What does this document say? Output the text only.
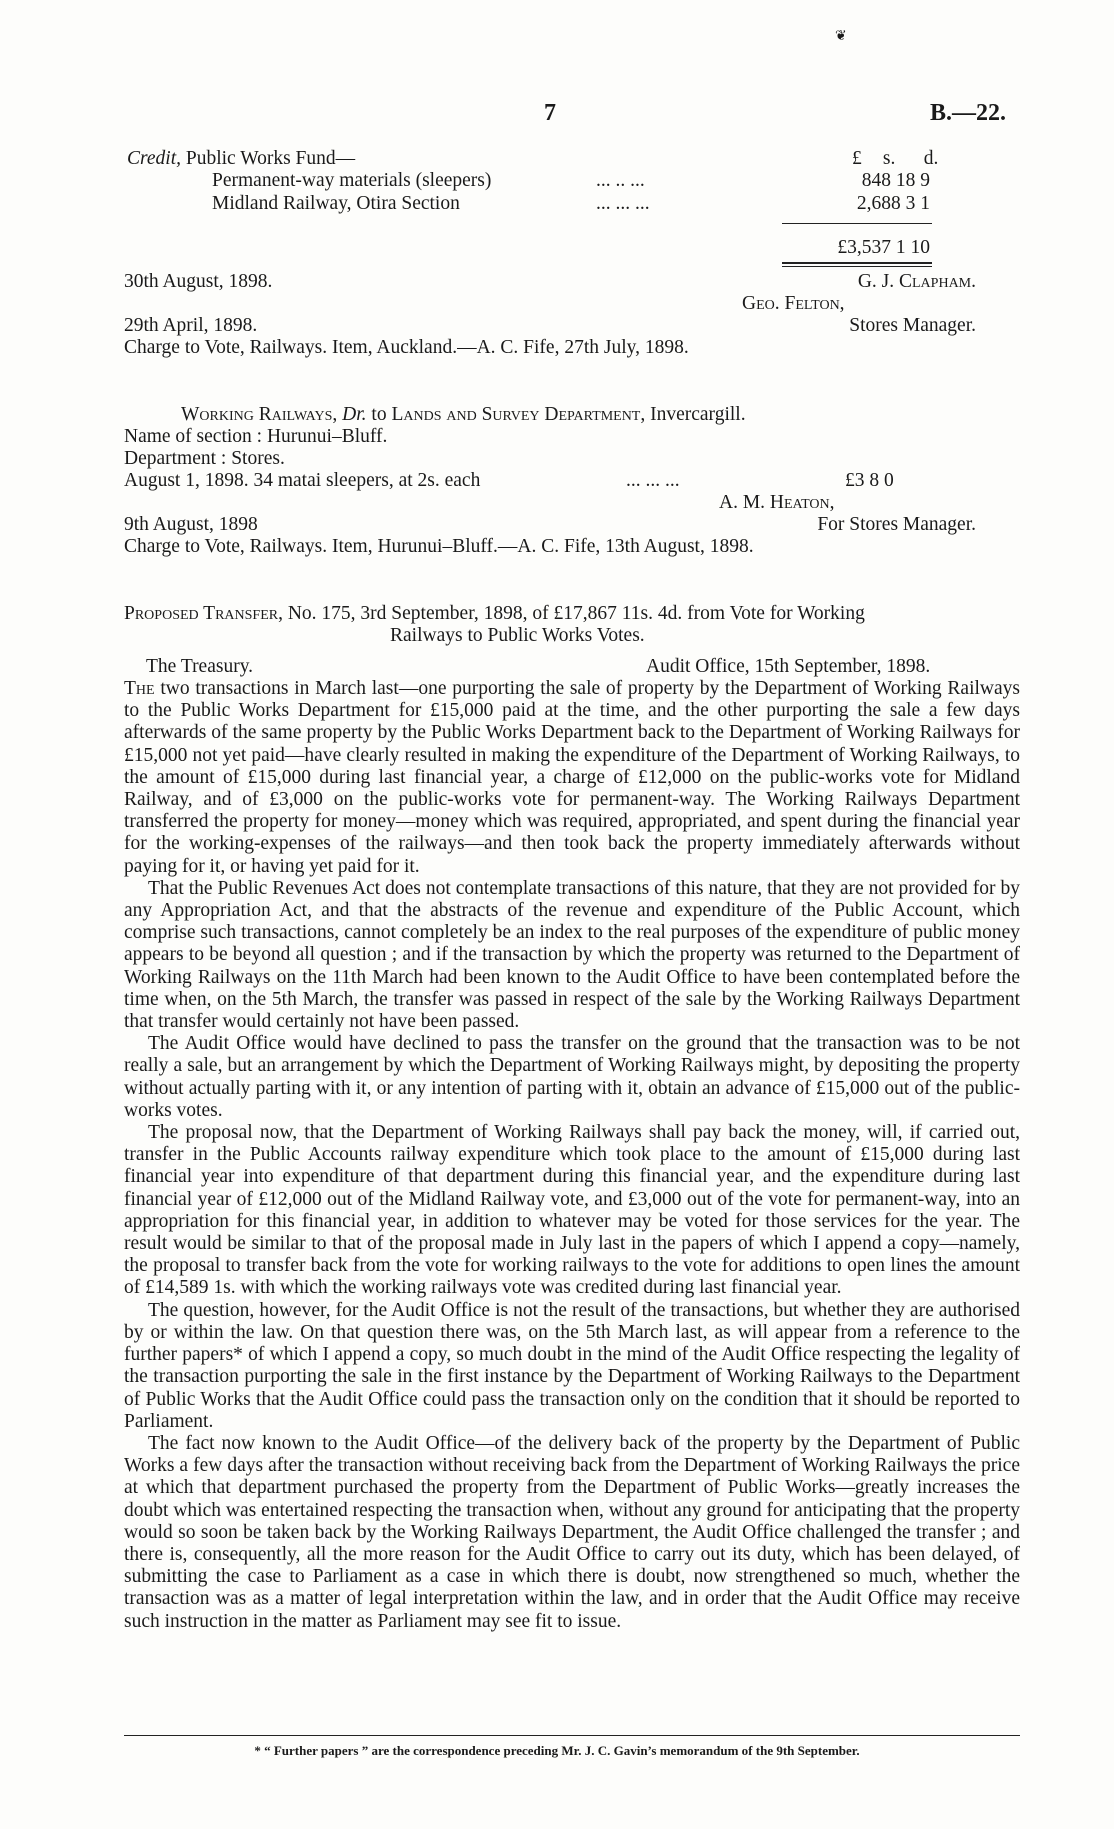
❦
7	B.—22.
Credit, Public Works Fund—	£ s. d.
Permanent-way materials (sleepers)	... .. ...	848 18 9
Midland Railway, Otira Section	... ... ...	2,688 3 1
£3,537 1 10
30th August, 1898.	G. J. Clapham.
Geo. Felton,
29th April, 1898.	Stores Manager.
Charge to Vote, Railways. Item, Auckland.—A. C. Fife, 27th July, 1898.
Working Railways, Dr. to Lands and Survey Department, Invercargill.
Name of section : Hurunui–Bluff.
Department : Stores.
August 1, 1898. 34 matai sleepers, at 2s. each	... ... ...	£3 8 0
A. M. Heaton,
9th August, 1898	For Stores Manager.
Charge to Vote, Railways. Item, Hurunui–Bluff.—A. C. Fife, 13th August, 1898.
Proposed Transfer, No. 175, 3rd September, 1898, of £17,867 11s. 4d. from Vote for Working
Railways to Public Works Votes.
The Treasury.	Audit Office, 15th September, 1898.

The two transactions in March last—one purporting the sale of property by the Department of Working Railways to the Public Works Department for £15,000 paid at the time, and the other purporting the sale a few days afterwards of the same property by the Public Works Department back to the Department of Working Railways for £15,000 not yet paid—have clearly resulted in making the expenditure of the Department of Working Railways, to the amount of £15,000 during last financial year, a charge of £12,000 on the public-works vote for Midland Railway, and of £3,000 on the public-works vote for permanent-way. The Working Railways Department transferred the property for money—money which was required, appropriated, and spent during the financial year for the working-expenses of the railways—and then took back the property immediately afterwards without paying for it, or having yet paid for it.

That the Public Revenues Act does not contemplate transactions of this nature, that they are not provided for by any Appropriation Act, and that the abstracts of the revenue and expenditure of the Public Account, which comprise such transactions, cannot completely be an index to the real purposes of the expenditure of public money appears to be beyond all question ; and if the transaction by which the property was returned to the Department of Working Railways on the 11th March had been known to the Audit Office to have been contemplated before the time when, on the 5th March, the transfer was passed in respect of the sale by the Working Railways Department that transfer would certainly not have been passed.

The Audit Office would have declined to pass the transfer on the ground that the transaction was to be not really a sale, but an arrangement by which the Department of Working Railways might, by depositing the property without actually parting with it, or any intention of parting with it, obtain an advance of £15,000 out of the public-works votes.

The proposal now, that the Department of Working Railways shall pay back the money, will, if carried out, transfer in the Public Accounts railway expenditure which took place to the amount of £15,000 during last financial year into expenditure of that department during this financial year, and the expenditure during last financial year of £12,000 out of the Midland Railway vote, and £3,000 out of the vote for permanent-way, into an appropriation for this financial year, in addition to whatever may be voted for those services for the year. The result would be similar to that of the proposal made in July last in the papers of which I append a copy—namely, the proposal to transfer back from the vote for working railways to the vote for additions to open lines the amount of £14,589 1s. with which the working railways vote was credited during last financial year.

The question, however, for the Audit Office is not the result of the transactions, but whether they are authorised by or within the law. On that question there was, on the 5th March last, as will appear from a reference to the further papers* of which I append a copy, so much doubt in the mind of the Audit Office respecting the legality of the transaction purporting the sale in the first instance by the Department of Working Railways to the Department of Public Works that the Audit Office could pass the transaction only on the condition that it should be reported to Parliament.

The fact now known to the Audit Office—of the delivery back of the property by the Department of Public Works a few days after the transaction without receiving back from the Department of Working Railways the price at which that department purchased the property from the Department of Public Works—greatly increases the doubt which was entertained respecting the transaction when, without any ground for anticipating that the property would so soon be taken back by the Working Railways Department, the Audit Office challenged the transfer ; and there is, consequently, all the more reason for the Audit Office to carry out its duty, which has been delayed, of submitting the case to Parliament as a case in which there is doubt, now strengthened so much, whether the transaction was as a matter of legal interpretation within the law, and in order that the Audit Office may receive such instruction in the matter as Parliament may see fit to issue.

* “ Further papers ” are the correspondence preceding Mr. J. C. Gavin’s memorandum of the 9th September.
